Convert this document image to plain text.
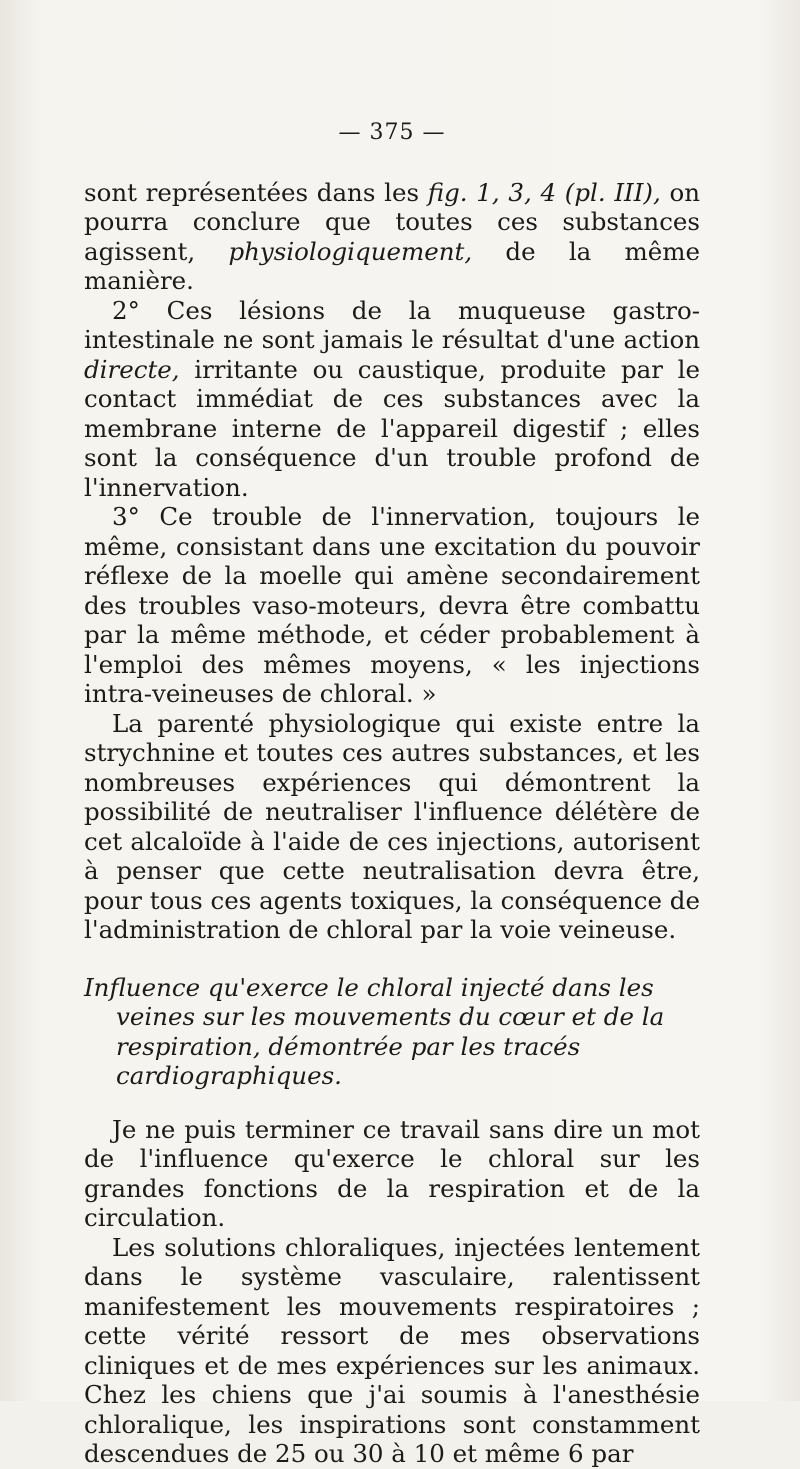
— 375 —

sont représentées dans les fig. 1, 3, 4 (pl. III), on pourra conclure que toutes ces substances agissent, physiologiquement, de la même manière.

2° Ces lésions de la muqueuse gastro-intestinale ne sont jamais le résultat d'une action directe, irritante ou caustique, produite par le contact immédiat de ces substances avec la membrane interne de l'appareil digestif ; elles sont la conséquence d'un trouble profond de l'innervation.

3° Ce trouble de l'innervation, toujours le même, consistant dans une excitation du pouvoir réflexe de la moelle qui amène secondairement des troubles vaso-moteurs, devra être combattu par la même méthode, et céder probablement à l'emploi des mêmes moyens, « les injections intra-veineuses de chloral. »

La parenté physiologique qui existe entre la strychnine et toutes ces autres substances, et les nombreuses expériences qui démontrent la possibilité de neutraliser l'influence délétère de cet alcaloïde à l'aide de ces injections, autorisent à penser que cette neutralisation devra être, pour tous ces agents toxiques, la conséquence de l'administration de chloral par la voie veineuse.

Influence qu'exerce le chloral injecté dans les veines sur les mouvements du cœur et de la respiration, démontrée par les tracés cardiographiques.

Je ne puis terminer ce travail sans dire un mot de l'influence qu'exerce le chloral sur les grandes fonctions de la respiration et de la circulation.

Les solutions chloraliques, injectées lentement dans le système vasculaire, ralentissent manifestement les mouvements respiratoires ; cette vérité ressort de mes observations cliniques et de mes expériences sur les animaux. Chez les chiens que j'ai soumis à l'anesthésie chloralique, les inspirations sont constamment descendues de 25 ou 30 à 10 et même 6 par
